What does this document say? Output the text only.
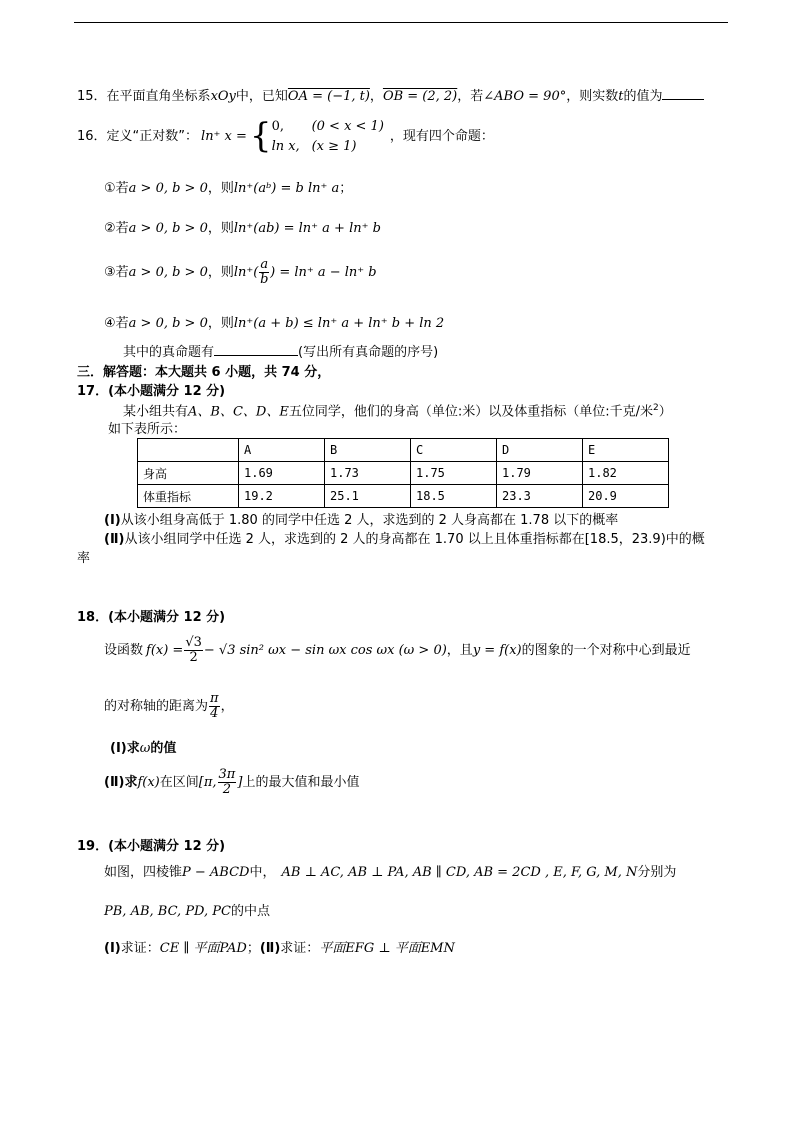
15．在平面直角坐标系xOy中，已知OA = (−1, t)，OB = (2, 2)，若∠ABO = 90°，则实数t的值为
16． 定义“正对数”： ln⁺ x = { 0,	(0 < x < 1)
ln x, (x ≥ 1)
，现有四个命题：
①若a > 0, b > 0，则ln⁺(aᵇ) = b ln⁺ a；
②若a > 0, b > 0，则ln⁺(ab) = ln⁺ a + ln⁺ b
③若 a > 0, b > 0 ，则 $\ln^+( \frac{a}{b}$ ) = ln⁺ a − ln⁺ b
④若a > 0, b > 0，则ln⁺(a + b) ≤ ln⁺ a + ln⁺ b + ln 2
其中的真命题有	(写出所有真命题的序号)
三．解答题：本大题共 6 小题，共 74 分，
17．(本小题满分 12 分)
某小组共有A、B、C、D、E五位同学，他们的身高（单位:米）以及体重指标（单位:千克/米$^2$）
如下表所示：
	A	B	C	D	E
身高	1.69	1.73	1.75	1.79	1.82
体重指标	19.2	25.1	18.5	23.3	20.9
(Ⅰ)从该小组身高低于 1.80 的同学中任选 2 人，求选到的 2 人身高都在 1.78 以下的概率
(Ⅱ)从该小组同学中任选 2 人，求选到的 2 人的身高都在 1.70 以上且体重指标都在[18.5，23.9)中的概
率
18．(本小题满分 12 分)
设函数 $f(x) = \frac{√3}{2} - √3$ sin² ωx − sin ωx cos ωx (ω > 0) ，且 y = f(x) 的图象的一个对称中心到最近
的对称轴的距离为 $\frac{\pi}{4}$ ，
(Ⅰ)求ω的值
(Ⅱ) 求 f(x) 在区间 [π, $\frac{3\pi}{2}$ ] 上的最大值和最小值
19．(本小题满分 12 分)
如图，四棱锥P − ABCD中， AB ⊥ AC, AB ⊥ PA, AB ∥ CD, AB = 2CD , E, F, G, M, N分别为
PB, AB, BC, PD, PC的中点
(Ⅰ)求证：CE ∥ 平面PAD；(Ⅱ)求证：平面EFG ⊥ 平面EMN
